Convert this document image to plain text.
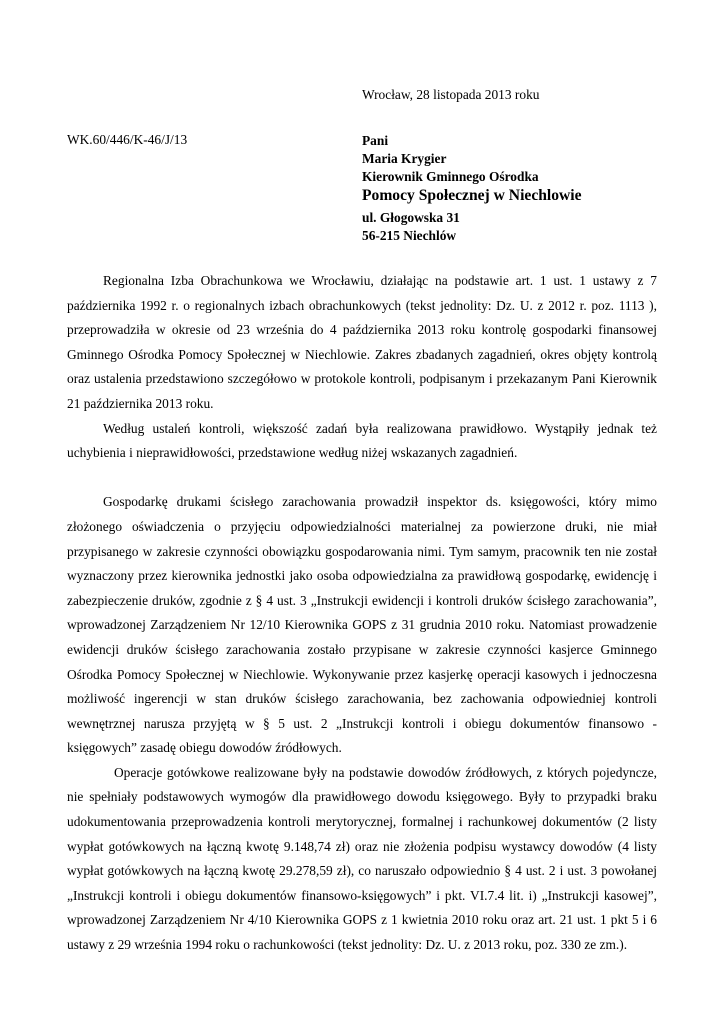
Wrocław, 28 listopada 2013 roku
WK.60/446/K-46/J/13	Pani
Maria Krygier
Kierownik Gminnego Ośrodka
Pomocy Społecznej w Niechlowie
ul. Głogowska 31
56-215 Niechlów

Regionalna Izba Obrachunkowa we Wrocławiu, działając na podstawie art. 1 ust. 1 ustawy z 7 października 1992 r. o regionalnych izbach obrachunkowych (tekst jednolity: Dz. U. z 2012 r. poz. 1113 ), przeprowadziła w okresie od 23 września do 4 października 2013 roku kontrolę gospodarki finansowej Gminnego Ośrodka Pomocy Społecznej w Niechlowie. Zakres zbadanych zagadnień, okres objęty kontrolą oraz ustalenia przedstawiono szczegółowo w protokole kontroli, podpisanym i przekazanym Pani Kierownik 21 października 2013 roku.

Według ustaleń kontroli, większość zadań była realizowana prawidłowo. Wystąpiły jednak też uchybienia i nieprawidłowości, przedstawione według niżej wskazanych zagadnień.

Gospodarkę drukami ścisłego zarachowania prowadził inspektor ds. księgowości, który mimo złożonego oświadczenia o przyjęciu odpowiedzialności materialnej za powierzone druki, nie miał przypisanego w zakresie czynności obowiązku gospodarowania nimi. Tym samym, pracownik ten nie został wyznaczony przez kierownika jednostki jako osoba odpowiedzialna za prawidłową gospodarkę, ewidencję i zabezpieczenie druków, zgodnie z § 4 ust. 3 „Instrukcji ewidencji i kontroli druków ścisłego zarachowania”, wprowadzonej Zarządzeniem Nr 12/10 Kierownika GOPS z 31 grudnia 2010 roku. Natomiast prowadzenie ewidencji druków ścisłego zarachowania zostało przypisane w zakresie czynności kasjerce Gminnego Ośrodka Pomocy Społecznej w Niechlowie. Wykonywanie przez kasjerkę operacji kasowych i jednoczesna możliwość ingerencji w stan druków ścisłego zarachowania, bez zachowania odpowiedniej kontroli wewnętrznej narusza przyjętą w § 5 ust. 2 „Instrukcji kontroli i obiegu dokumentów finansowo - księgowych” zasadę obiegu dowodów źródłowych.

Operacje gotówkowe realizowane były na podstawie dowodów źródłowych, z których pojedyncze, nie spełniały podstawowych wymogów dla prawidłowego dowodu księgowego. Były to przypadki braku udokumentowania przeprowadzenia kontroli merytorycznej, formalnej i rachunkowej dokumentów (2 listy wypłat gotówkowych na łączną kwotę 9.148,74 zł) oraz nie złożenia podpisu wystawcy dowodów (4 listy wypłat gotówkowych na łączną kwotę 29.278,59 zł), co naruszało odpowiednio § 4 ust. 2 i ust. 3 powołanej „Instrukcji kontroli i obiegu dokumentów finansowo-księgowych” i pkt. VI.7.4 lit. i) „Instrukcji kasowej”, wprowadzonej Zarządzeniem Nr 4/10 Kierownika GOPS z 1 kwietnia 2010 roku oraz art. 21 ust. 1 pkt 5 i 6 ustawy z 29 września 1994 roku o rachunkowości (tekst jednolity: Dz. U. z 2013 roku, poz. 330 ze zm.).
